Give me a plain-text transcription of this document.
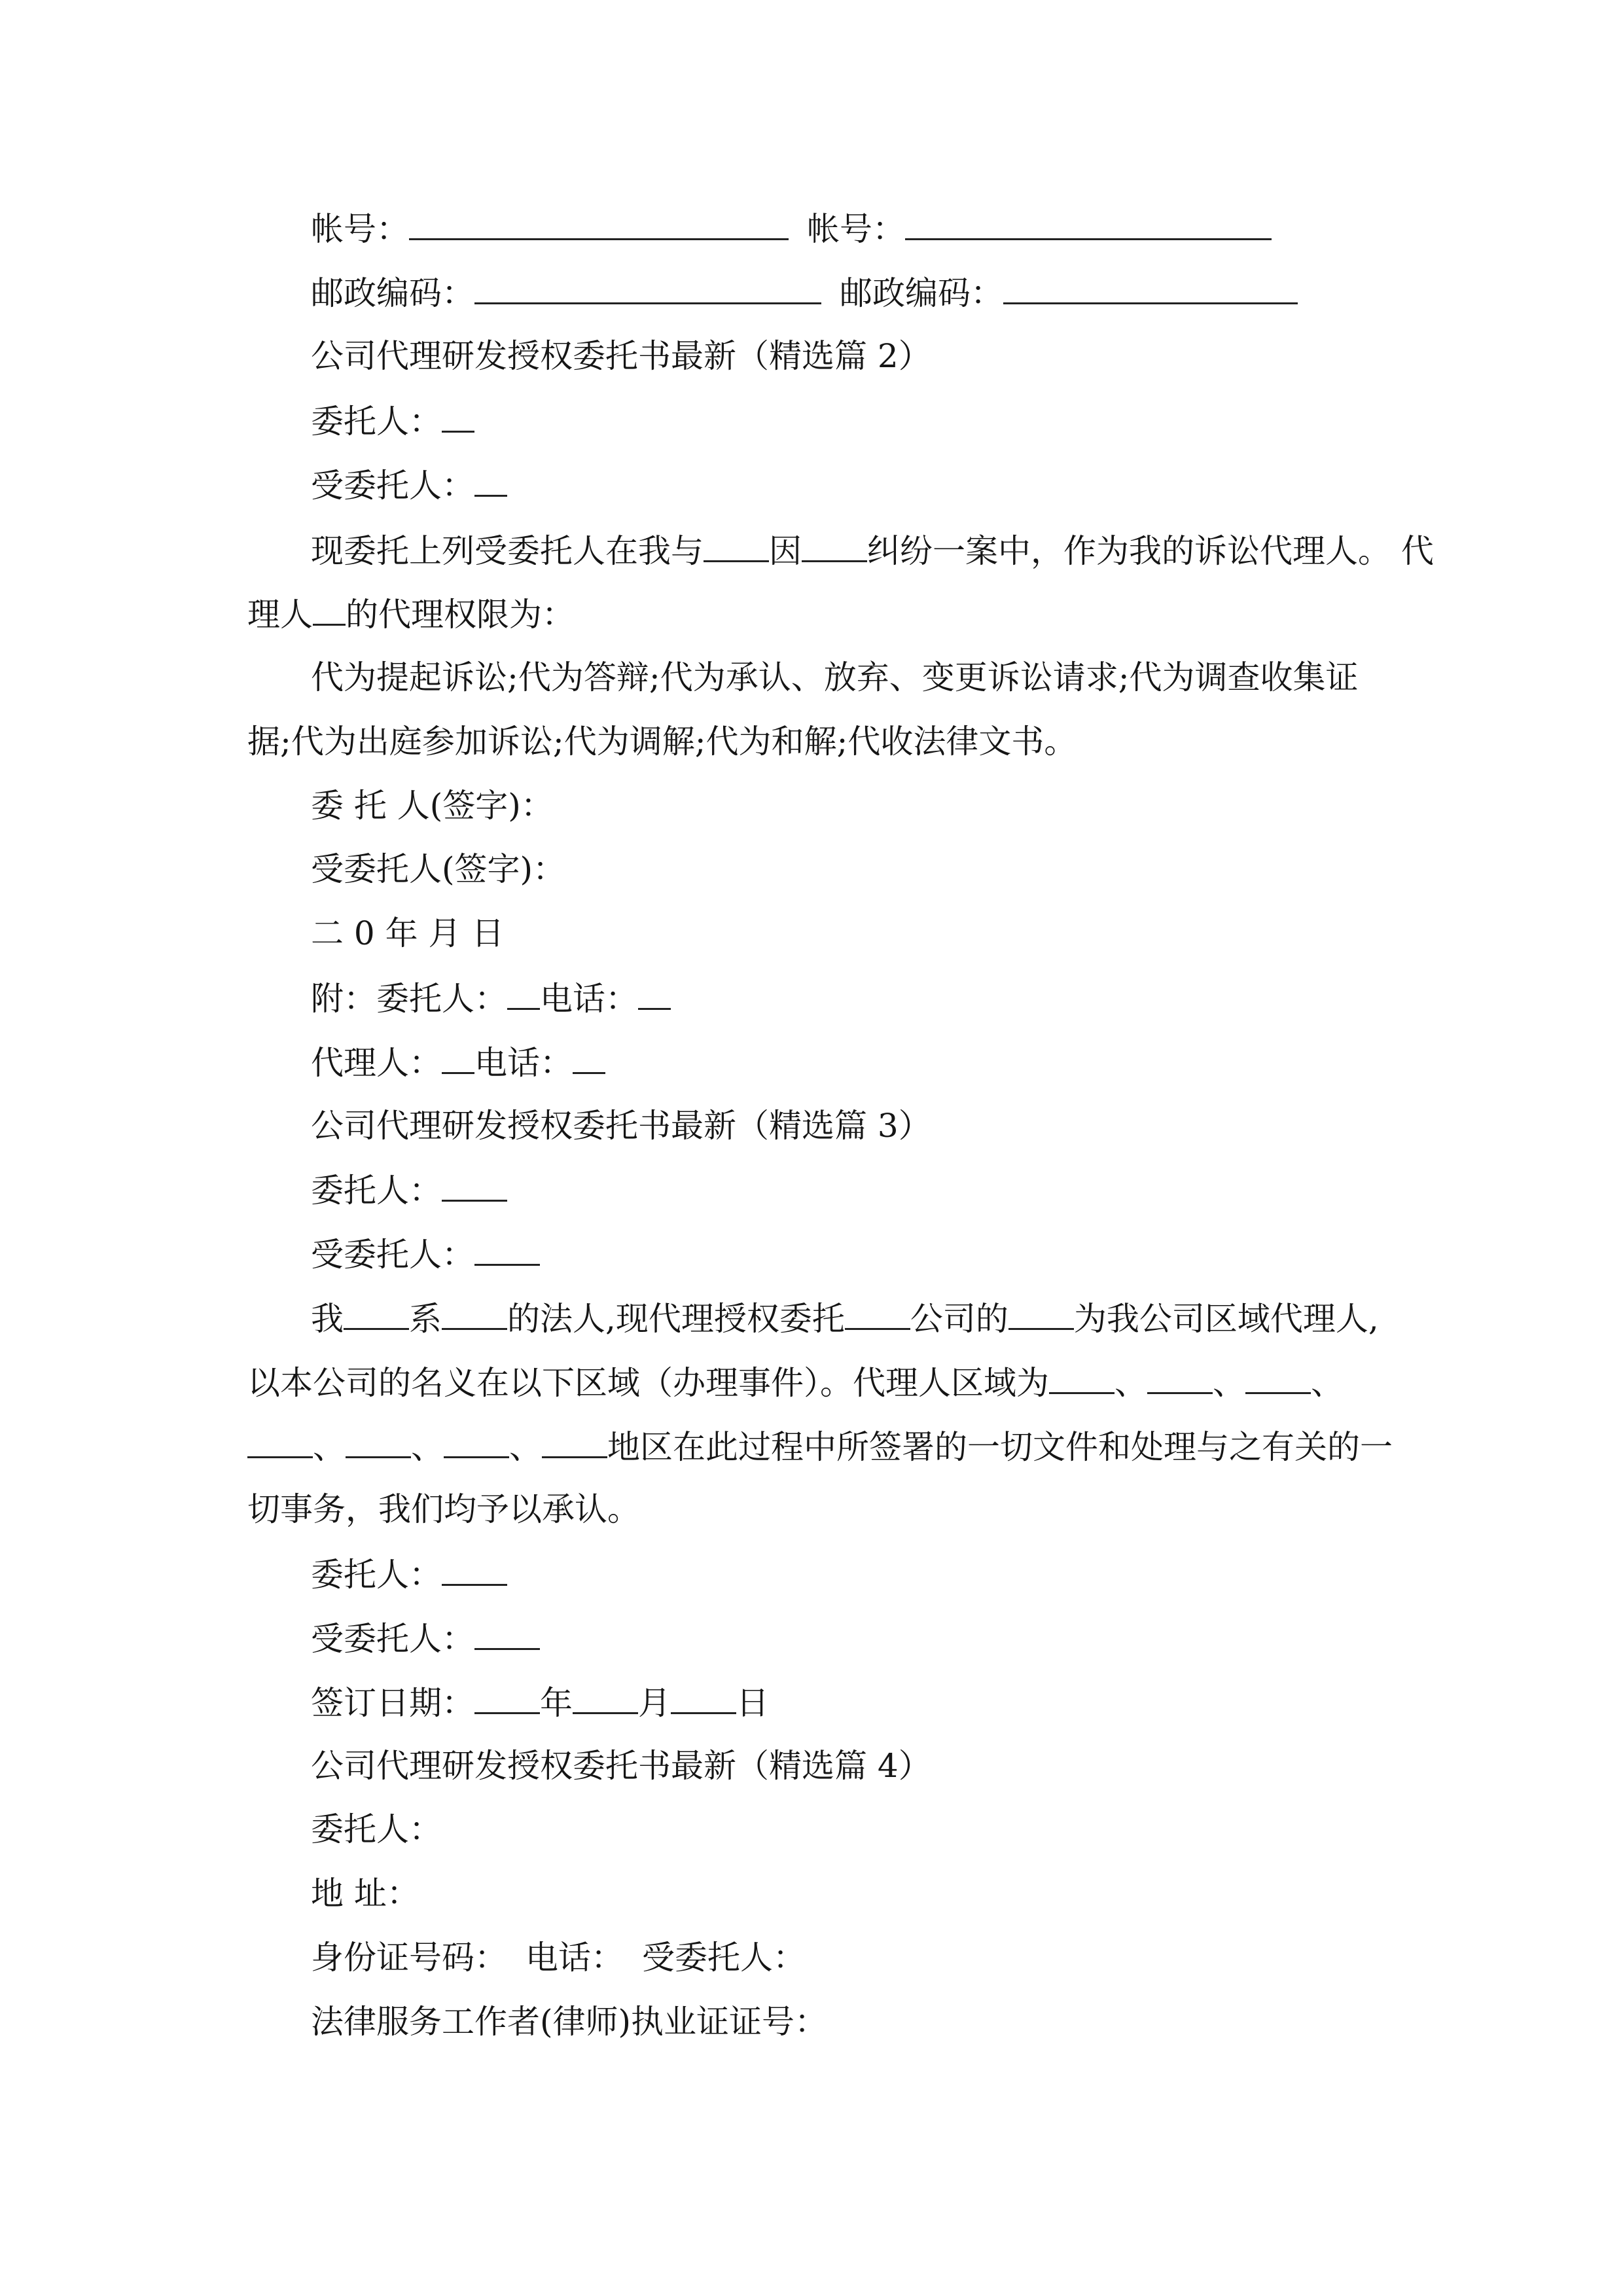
帐号：	帐号：
邮政编码：	邮政编码：
公司代理研发授权委托书最新（精选篇 2）
委托人：
受委托人：
现委托上列受委托人在我与 因 纠纷一案中，作为我的诉讼代理人。 代
理人 的代理权限为：
代为提起诉讼;代为答辩;代为承认、放弃、变更诉讼请求;代为调查收集证
据;代为出庭参加诉讼;代为调解;代为和解;代收法律文书。
委 托 人(签字)：
受委托人(签字)：
二 0 年 月 日
附：委托人： 电话：
代理人： 电话：
公司代理研发授权委托书最新（精选篇 3）
委托人：
受委托人：
我 系 的法人,现代理授权委托 公司的 为我公司区域代理人,
以本公司的名义在以下区域（办理事件）。代理人区域为 、 、 、
、 、 、 地区在此过程中所签署的一切文件和处理与之有关的一
切事务，我们均予以承认。
委托人：
受委托人：
签订日期： 年 月 日
公司代理研发授权委托书最新（精选篇 4）
委托人：
地 址：
身份证号码： 电话： 受委托人：
法律服务工作者(律师)执业证证号：
